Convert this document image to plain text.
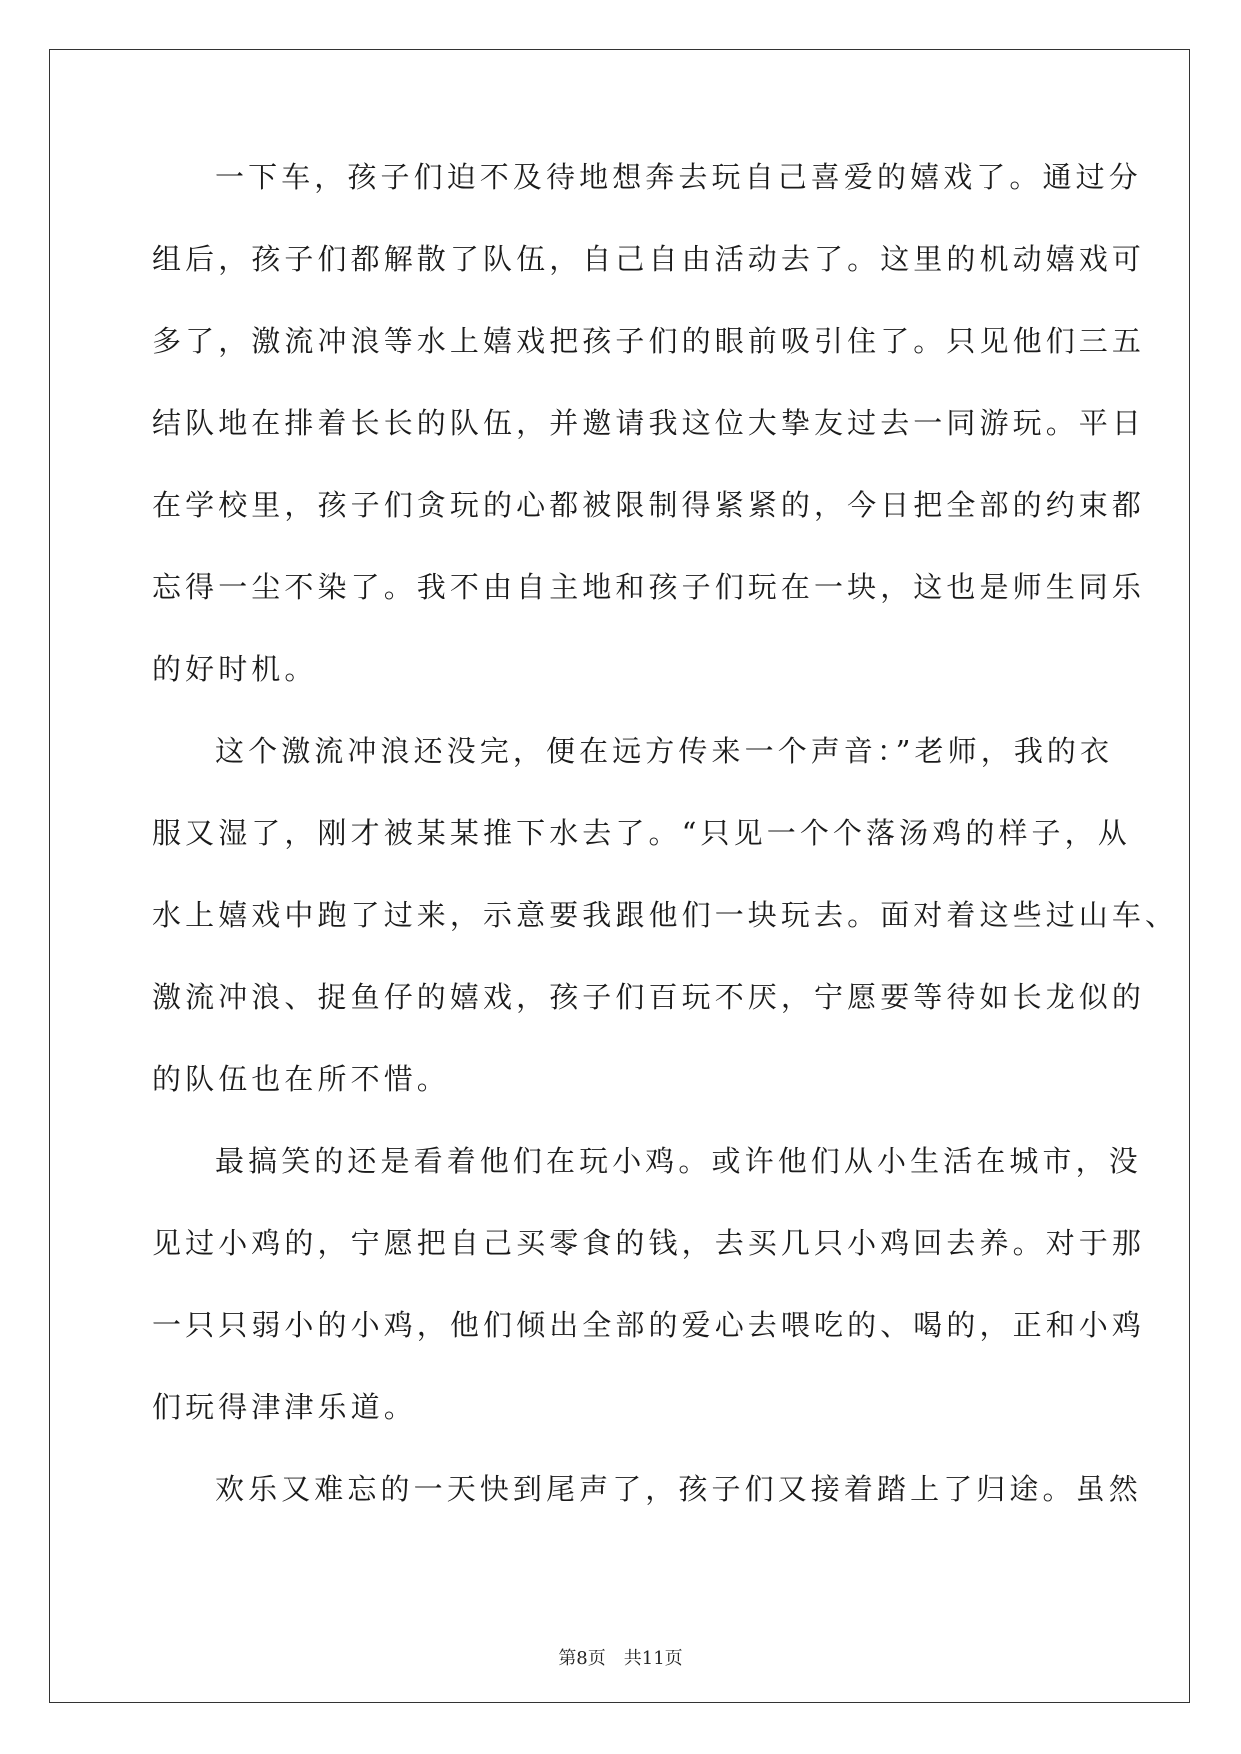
一下车，孩子们迫不及待地想奔去玩自己喜爱的嬉戏了。通过分
组后，孩子们都解散了队伍，自己自由活动去了。这里的机动嬉戏可
多了，激流冲浪等水上嬉戏把孩子们的眼前吸引住了。只见他们三五
结队地在排着长长的队伍，并邀请我这位大挚友过去一同游玩。平日
在学校里，孩子们贪玩的心都被限制得紧紧的，今日把全部的约束都
忘得一尘不染了。我不由自主地和孩子们玩在一块，这也是师生同乐
的好时机。
这个激流冲浪还没完，便在远方传来一个声音：”老师，我的衣
服又湿了，刚才被某某推下水去了。“只见一个个落汤鸡的样子，从
水上嬉戏中跑了过来，示意要我跟他们一块玩去。面对着这些过山车、
激流冲浪、捉鱼仔的嬉戏，孩子们百玩不厌，宁愿要等待如长龙似的
的队伍也在所不惜。
最搞笑的还是看着他们在玩小鸡。或许他们从小生活在城市，没
见过小鸡的，宁愿把自己买零食的钱，去买几只小鸡回去养。对于那
一只只弱小的小鸡，他们倾出全部的爱心去喂吃的、喝的，正和小鸡
们玩得津津乐道。
欢乐又难忘的一天快到尾声了，孩子们又接着踏上了归途。虽然
第8页 共11页
